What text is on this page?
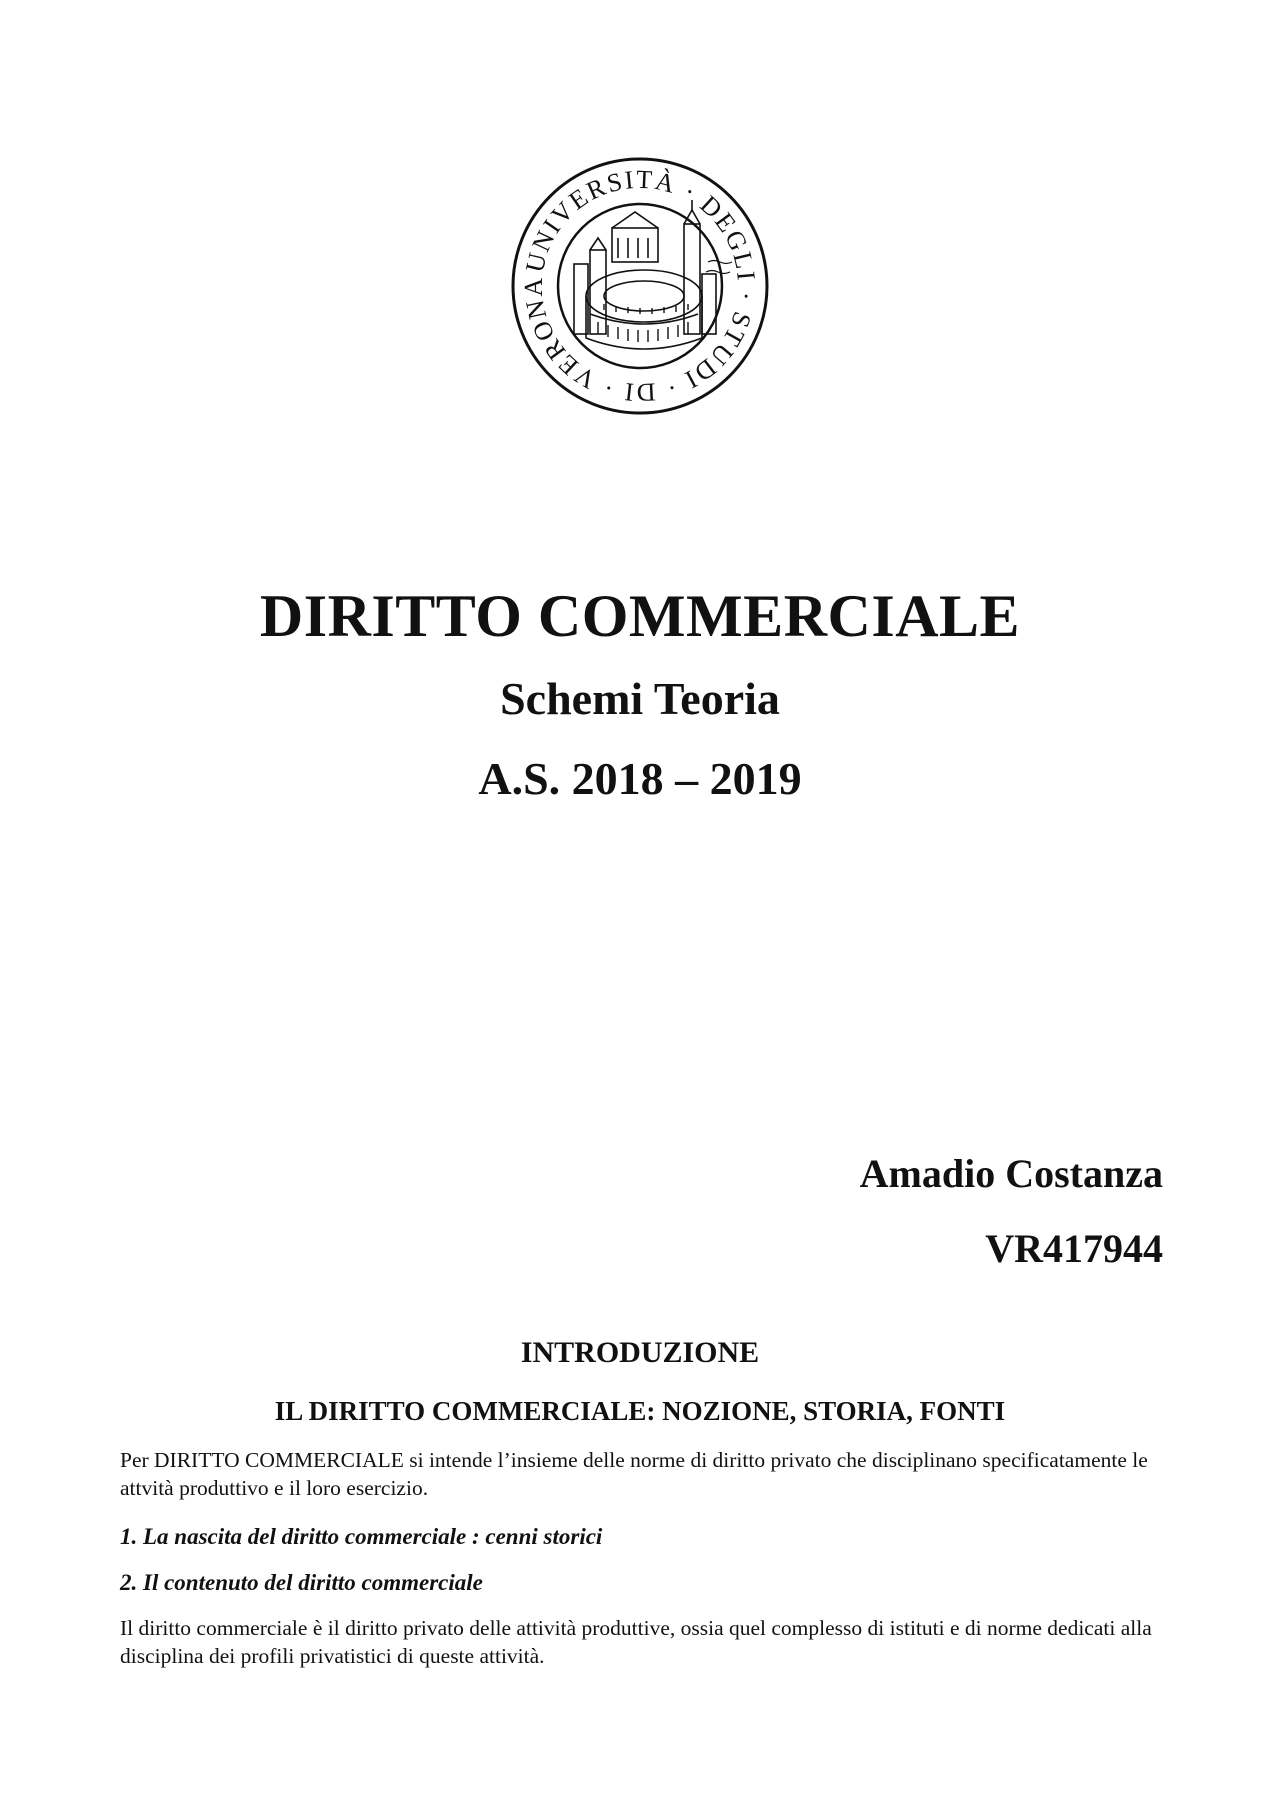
UNIVERSITÀ · DEGLI · STUDI · DI · VERONA
DIRITTO COMMERCIALE
Schemi Teoria
A.S. 2018 – 2019
Amadio Costanza
VR417944
INTRODUZIONE
IL DIRITTO COMMERCIALE: NOZIONE, STORIA, FONTI

Per DIRITTO COMMERCIALE si intende l’insieme delle norme di diritto privato che disciplinano specificatamente le attvità produttivo e il loro esercizio.

1. La nascita del diritto commerciale : cenni storici
2. Il contenuto del diritto commerciale

Il diritto commerciale è il diritto privato delle attività produttive, ossia quel complesso di istituti e di norme dedicati alla disciplina dei profili privatistici di queste attività.
